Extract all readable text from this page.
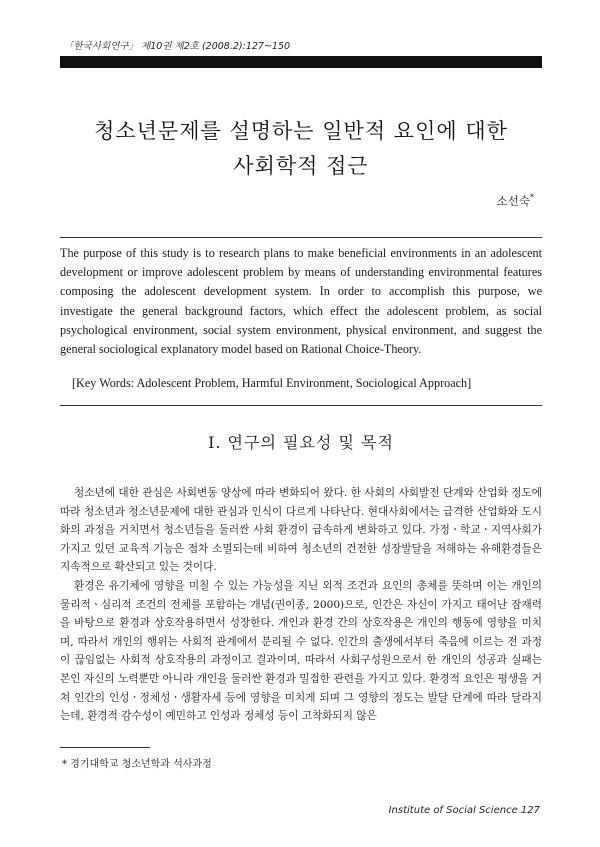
「한국사회연구」 제10권 제2호 (2008.2):127~150
청소년문제를 설명하는 일반적 요인에 대한
사회학적 접근
소선숙*

The purpose of this study is to research plans to make beneficial environments in an adolescent development or improve adolescent problem by means of understanding environmental features composing the adolescent development system. In order to accomplish this purpose, we investigate the general background factors, which effect the adolescent problem, as social psychological environment, social system environment, physical environment, and suggest the general sociological explanatory model based on Rational Choice-Theory.

[Key Words: Adolescent Problem, Harmful Environment, Sociological Approach]
Ⅰ. 연구의 필요성 및 목적

청소년에 대한 관심은 사회변동 양상에 따라 변화되어 왔다. 한 사회의 사회발전 단계와 산업화 정도에 따라 청소년과 청소년문제에 대한 관심과 인식이 다르게 나타난다. 현대사회에서는 급격한 산업화와 도시화의 과정을 거치면서 청소년들을 둘러싼 사회 환경이 급속하게 변화하고 있다. 가정ㆍ학교ㆍ지역사회가 가지고 있던 교육적 기능은 점차 소멸되는데 비하여 청소년의 건전한 성장발달을 저해하는 유해환경들은 지속적으로 확산되고 있는 것이다.

환경은 유기체에 영향을 미칠 수 있는 가능성을 지닌 외적 조건과 요인의 총체를 뜻하며 이는 개인의 물리적ㆍ심리적 조건의 전체를 포함하는 개념(권이종, 2000)으로, 인간은 자신이 가지고 태어난 잠재력을 바탕으로 환경과 상호작용하면서 성장한다. 개인과 환경 간의 상호작용은 개인의 행동에 영향을 미치며, 따라서 개인의 행위는 사회적 관계에서 분리될 수 없다. 인간의 출생에서부터 죽음에 이르는 전 과정이 끊임없는 사회적 상호작용의 과정이고 결과이며, 따라서 사회구성원으로서 한 개인의 성공과 실패는 본인 자신의 노력뿐만 아니라 개인을 둘러싼 환경과 밀접한 관련을 가지고 있다. 환경적 요인은 평생을 거쳐 인간의 인성ㆍ정체성ㆍ생활자세 등에 영향을 미치게 되며 그 영향의 정도는 발달 단계에 따라 달라지는데, 환경적 감수성이 예민하고 인성과 정체성 등이 고착화되지 않은

* 경기대학교 청소년학과 석사과정
Institute of Social Science 127
